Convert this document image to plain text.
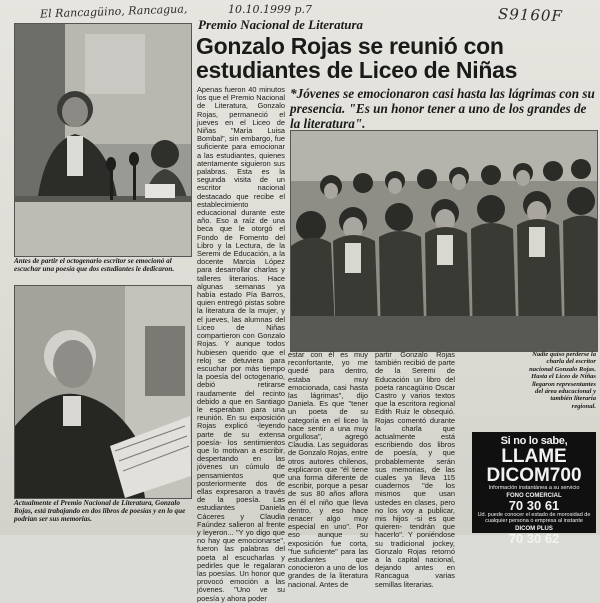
El Rancagüino, Rancagua,	10.10.1999 p.7	S9160F
Premio Nacional de Literatura
Gonzalo Rojas se reunió con estudiantes de Liceo de Niñas

*Jóvenes se emocionaron casi hasta las lágrimas con su presencia. "Es un honor tener a uno de los grandes de la literatura".

Antes de partir el octogenario escritor se emocionó al escuchar una poesía que dos estudiantes le dedicaron.

Actualmente el Premio Nacional de Literatura, Gonzalo Rojas, está trabajando en dos libros de poesías y en lo que podrían ser sus memorias.

Nadie quiso perderse la charla del escritor nacional Gonzalo Rojas. Hasta el Liceo de Niñas llegaron representantes del área educacional y también literaria regional.

Apenas fueron 40 minutos los que el Premio Nacional de Literatura, Gonzalo Rojas, permaneció el jueves en el Liceo de Niñas "María Luisa Bombal", sin embargo, fue suficiente para emocionar a las estudiantes, quienes atentamente siguieron sus palabras. Esta es la segunda visita de un escritor nacional destacado que recibe el establecimiento educacional durante este año. Eso a raíz de una beca que le otorgó el Fondo de Fomento del Libro y la Lectura, de la Seremi de Educación, a la docente Marcia López para desarrollar charlas y talleres literarios. Hace algunas semanas ya había estado Pía Barros, quien entregó pistas sobre la literatura de la mujer, y el jueves, las alumnas del Liceo de Niñas compartieron con Gonzalo Rojas. Y aunque todos hubiesen querido que el reloj se detuviera para escuchar por más tiempo la poesía del octogenario, debió retirarse raudamente del recinto debido a que en Santiago le esperaban para una reunión. En su exposición Rojas explicó -leyendo parte de su extensa poesía- los sentimientos que lo motivan a escribir, despertando en las jóvenes un cúmulo de pensamientos que posteriormente dos de ellas expresaron a través de la poesía. Las estudiantes Daniela Cáceres y Claudia Faúndez salieron al frente y leyeron... "Y yo digo que no hay que emocionarse", fueron las palabras del poeta al escucharlas y pedirles que le regalaran las poesías. Un honor que provocó emoción a las jóvenes. "Uno ve su poesía y ahora poder

estar con él es muy reconfortante, yo me quedé para dentro, estaba muy emocionada, casi hasta las lágrimas", dijo Daniela. Es que "tener un poeta de su categoría en el liceo la hace sentir a una muy orgullosa", agregó Claudia. Las seguidoras de Gonzalo Rojas, entre otros autores chilenos, explicaron que "él tiene una forma diferente de escribir, porque a pesar de sus 80 años aflora en él el niño que lleva dentro, y eso hace renacer algo muy especial en uno". Por eso aunque su exposición fue corta, "fue suficiente" para las estudiantes que conocieron a uno de los grandes de la literatura nacional. Antes de

partir Gonzalo Rojas también recibió de parte de la Seremi de Educación un libro del poeta rancagüino Oscar Castro y varios textos que la escritora regional Edith Ruiz le obsequió. Rojas comentó durante la charla que actualmente está escribiendo dos libros de poesía, y que probablemente serán sus memorias, de las cuales ya lleva 115 cuadernos "de los mismos que usan ustedes en clases, pero no los voy a publicar, mis hijos -si es que quieren- tendrán que hacerlo". Y poniéndose su tradicional jockey, Gonzalo Rojas retornó a la capital nacional, dejando antes en Rancagua varias semillas literarias.

Si no lo sabe,
LLAME
DICOM700
Información instantánea a su servicio
FONO COMERCIAL
70 30 61
Ud. puede conocer el estado de morosidad de cualquier persona o empresa al instante
DICOM PLUS
70 30 62
